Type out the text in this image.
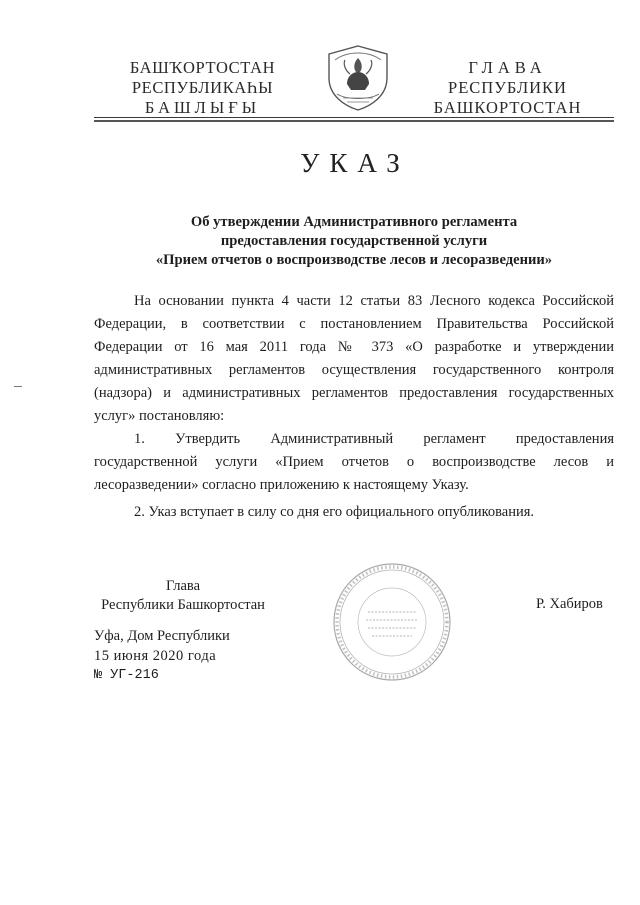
БАШҠОРТОСТАН
РЕСПУБЛИКАҺЫ
БАШЛЫҒЫ
ГЛАВА
РЕСПУБЛИКИ
БАШКОРТОСТАН
УКАЗ
Об утверждении Административного регламента
предоставления государственной услуги
«Прием отчетов о воспроизводстве лесов и лесоразведении»

На основании пункта 4 части 12 статьи 83 Лесного кодекса Российской Федерации, в соответствии с постановлением Правительства Российской Федерации от 16 мая 2011 года № 373 «О разработке и утверждении административных регламентов осуществления государственного контроля (надзора) и административных регламентов предоставления государственных услуг» постановляю:

1. Утвердить Административный регламент предоставления государственной услуги «Прием отчетов о воспроизводстве лесов и лесоразведении» согласно приложению к настоящему Указу.

2. Указ вступает в силу со дня его официального опубликования.

Глава
Республики Башкортостан	Р. Хабиров
Уфа, Дом Республики
15 июня 2020 года
№ УГ-216
